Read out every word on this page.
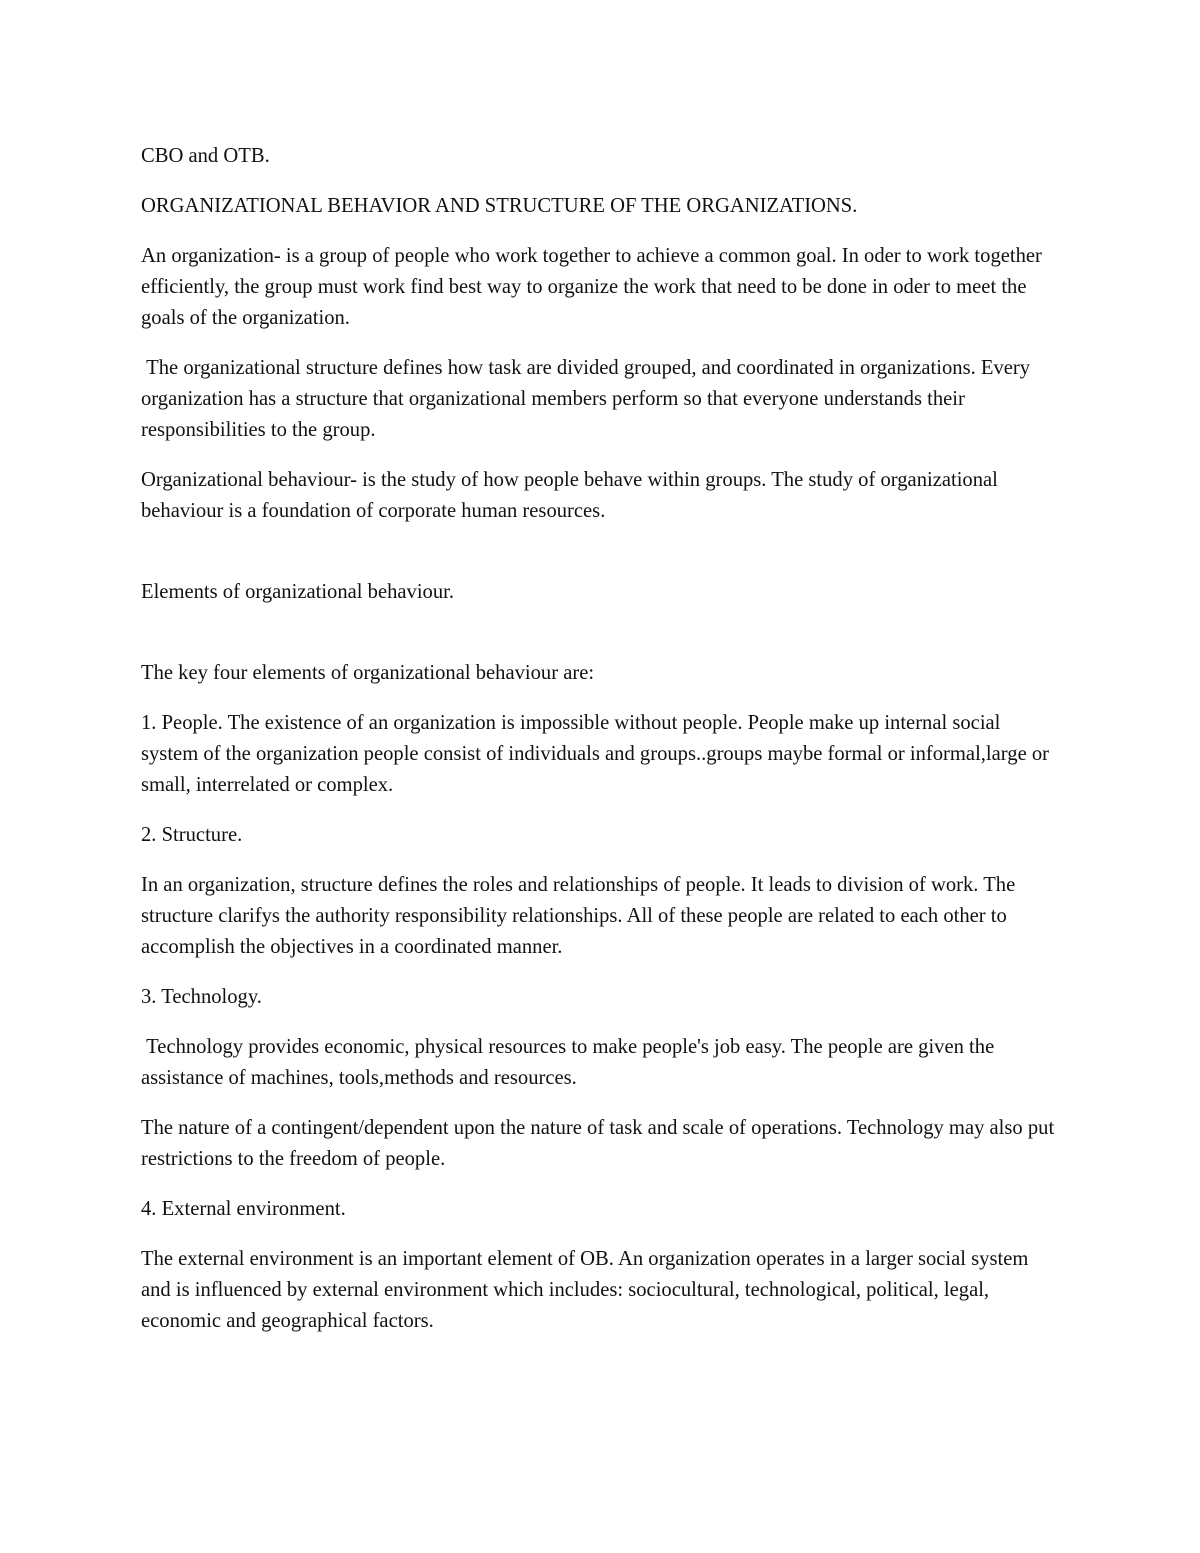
CBO and OTB.

ORGANIZATIONAL BEHAVIOR AND STRUCTURE OF THE ORGANIZATIONS.

An organization- is a group of people who work together to achieve a common goal. In oder to work together efficiently, the group must work find best way to organize the work that need to be done in oder to meet the goals of the organization.

The organizational structure defines how task are divided grouped, and coordinated in organizations. Every organization has a structure that organizational members perform so that everyone understands their responsibilities to the group.

Organizational behaviour- is the study of how people behave within groups. The study of organizational behaviour is a foundation of corporate human resources.

Elements of organizational behaviour.

The key four elements of organizational behaviour are:

1. People. The existence of an organization is impossible without people. People make up internal social system of the organization people consist of individuals and groups..groups maybe formal or informal,large or small, interrelated or complex.

2. Structure.

In an organization, structure defines the roles and relationships of people. It leads to division of work. The structure clarifys the authority responsibility relationships. All of these people are related to each other to accomplish the objectives in a coordinated manner.

3. Technology.

Technology provides economic, physical resources to make people's job easy. The people are given the assistance of machines, tools,methods and resources.

The nature of a contingent/dependent upon the nature of task and scale of operations. Technology may also put restrictions to the freedom of people.

4. External environment.

The external environment is an important element of OB. An organization operates in a larger social system and is influenced by external environment which includes: sociocultural, technological, political, legal, economic and geographical factors.
